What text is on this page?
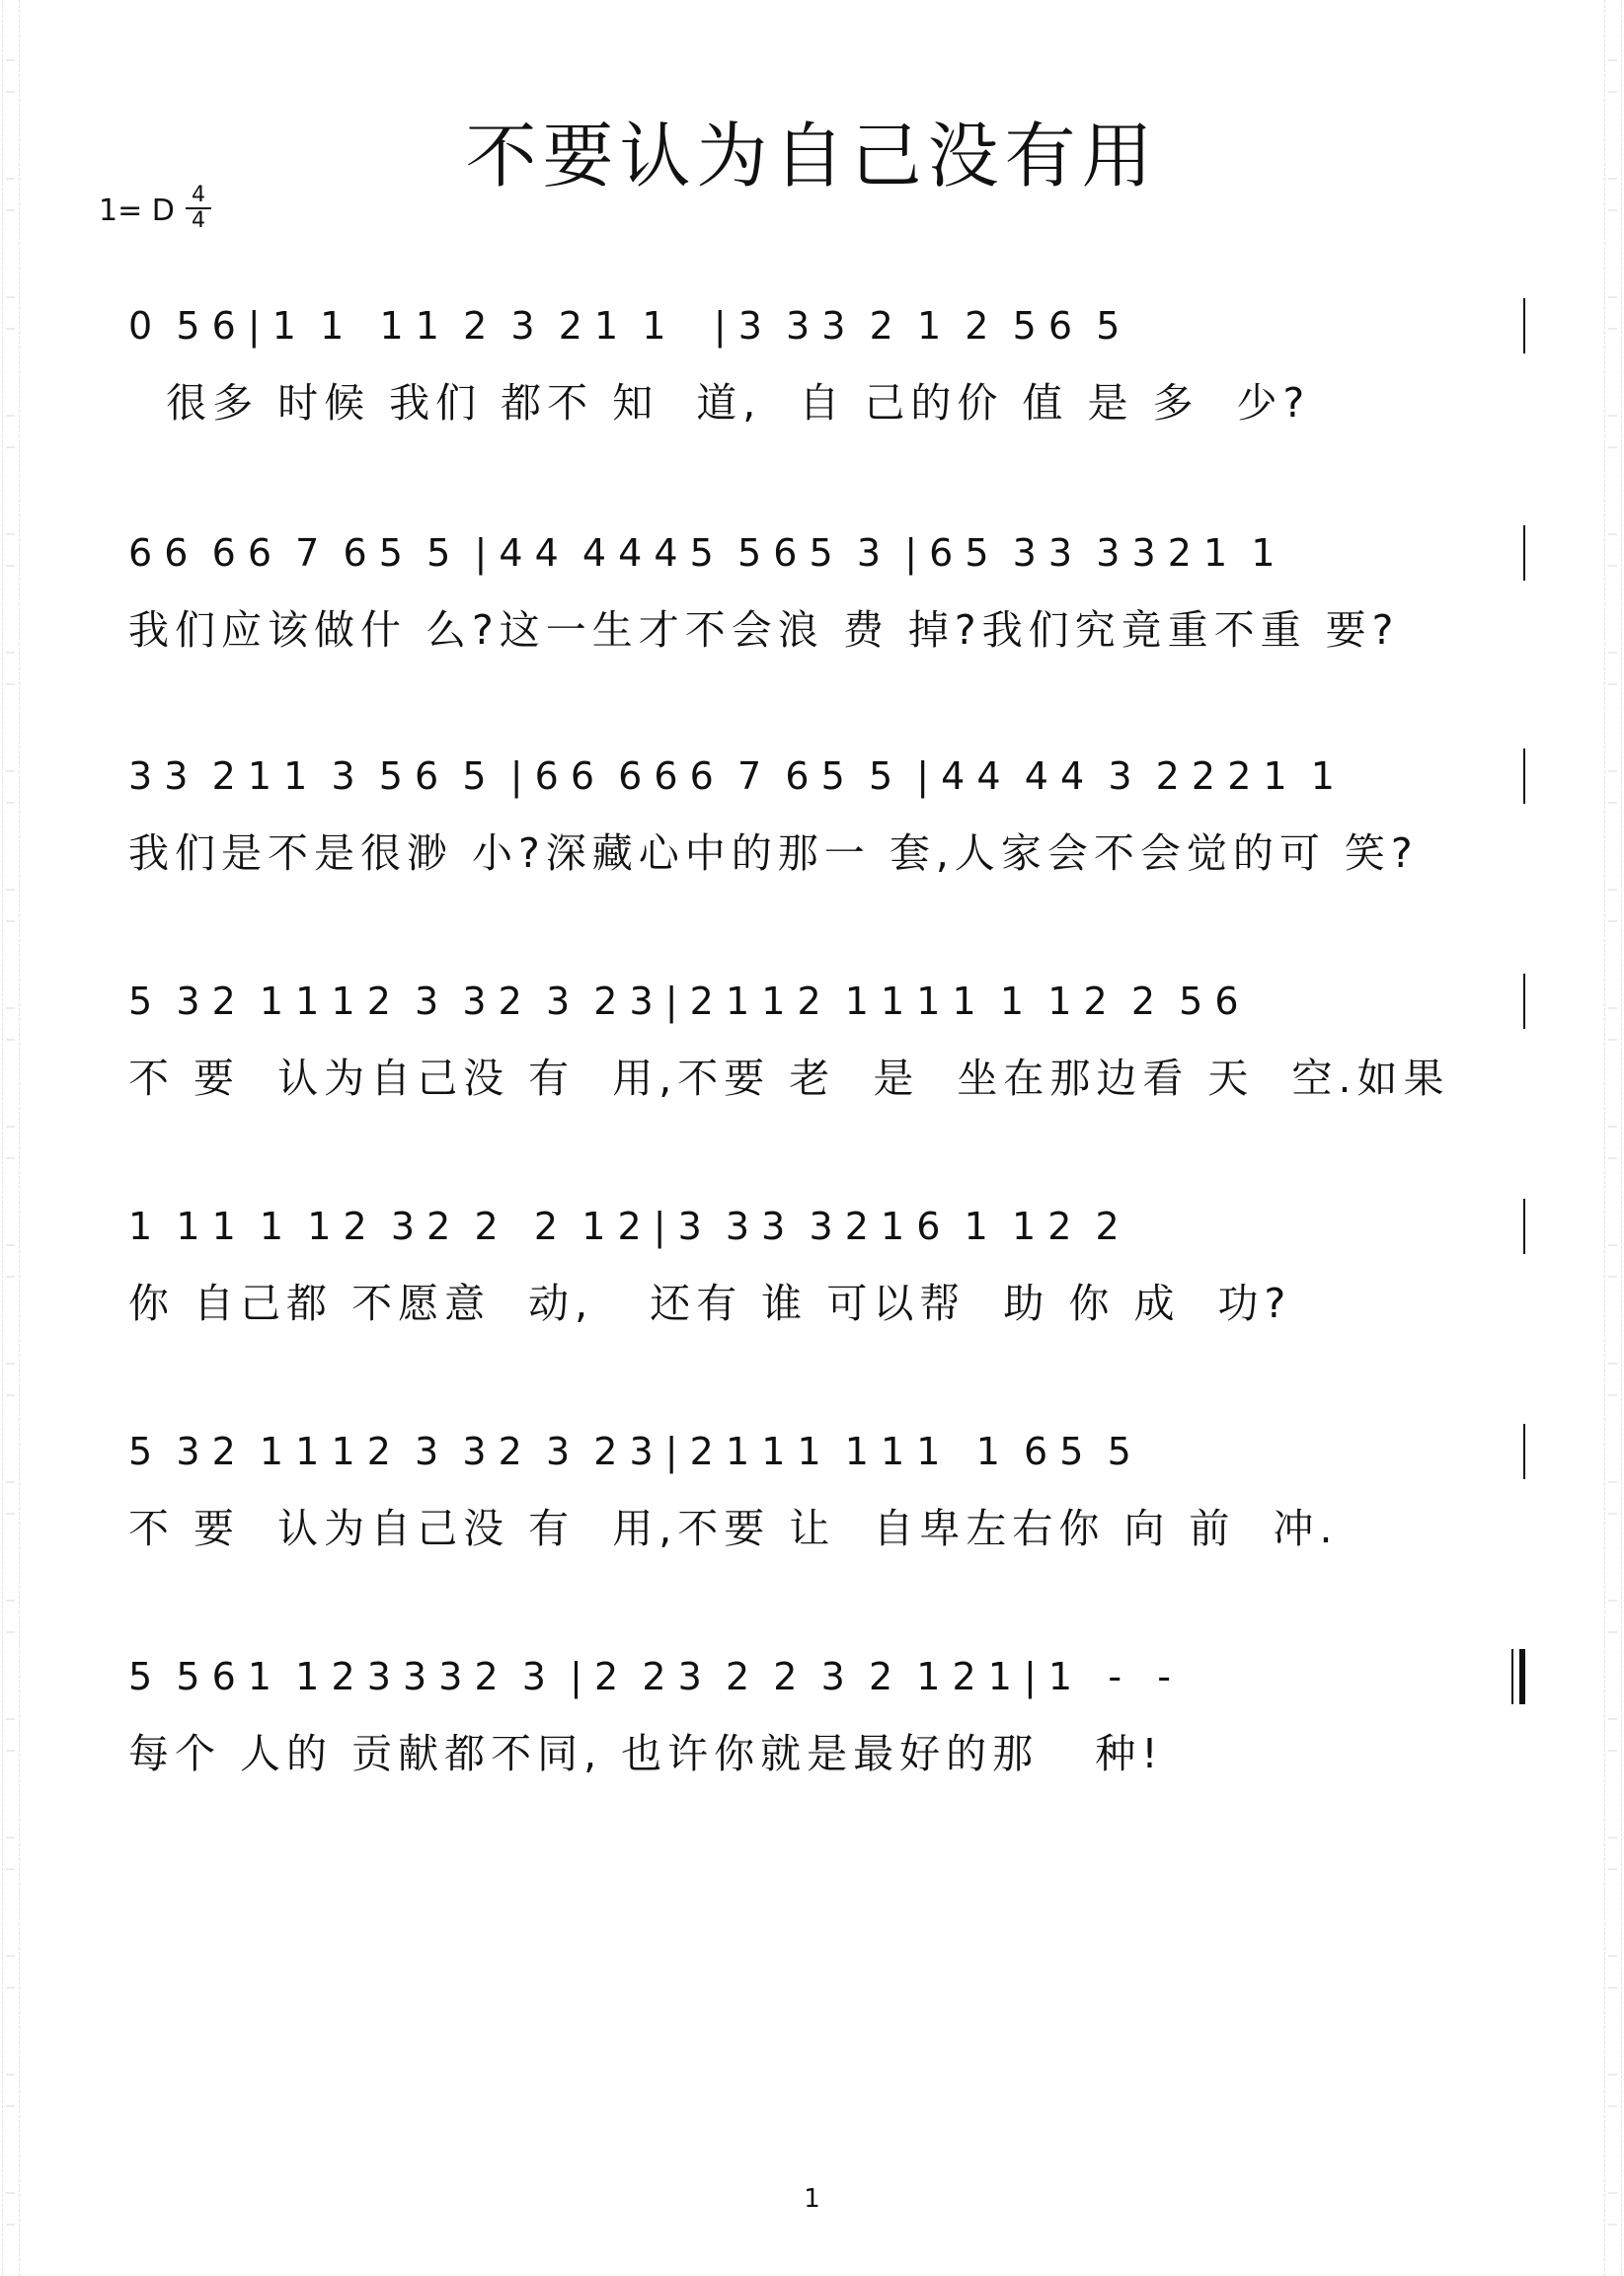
不要认为自己没有用
1= D 4
4
0  5 6 | 1  1   1 1  2  3  2 1  1    | 3  3 3  2  1  2  5 6  5
很多 时候 我们 都不 知  道,  自 己的价 值 是 多  少?
6 6  6 6  7  6 5  5  | 4 4  4 4 4 5  5 6 5  3  | 6 5  3 3  3 3 2 1  1
我们应该做什 么?这一生才不会浪 费 掉?我们究竟重不重 要?
3 3  2 1 1  3  5 6  5  | 6 6  6 6 6  7  6 5  5  | 4 4  4 4  3  2 2 2 1  1
我们是不是很渺 小?深藏心中的那一 套,人家会不会觉的可 笑?
5  3 2  1 1 1 2  3  3 2  3  2 3 | 2 1 1 2  1 1 1 1  1  1 2  2  5 6
不 要  认为自己没 有  用,不要 老  是  坐在那边看 天  空.如果
1  1 1  1  1 2  3 2  2   2  1 2 | 3  3 3  3 2 1 6  1  1 2  2
你 自己都 不愿意  动,   还有 谁 可以帮  助 你 成  功?
5  3 2  1 1 1 2  3  3 2  3  2 3 | 2 1 1 1  1 1 1   1  6 5  5
不 要  认为自己没 有  用,不要 让  自卑左右你 向 前  冲.
5  5 6 1  1 2 3 3 3 2  3  | 2  2 3  2  2  3  2  1 2 1 | 1   -   -
每个 人的 贡献都不同, 也许你就是最好的那   种!
1
